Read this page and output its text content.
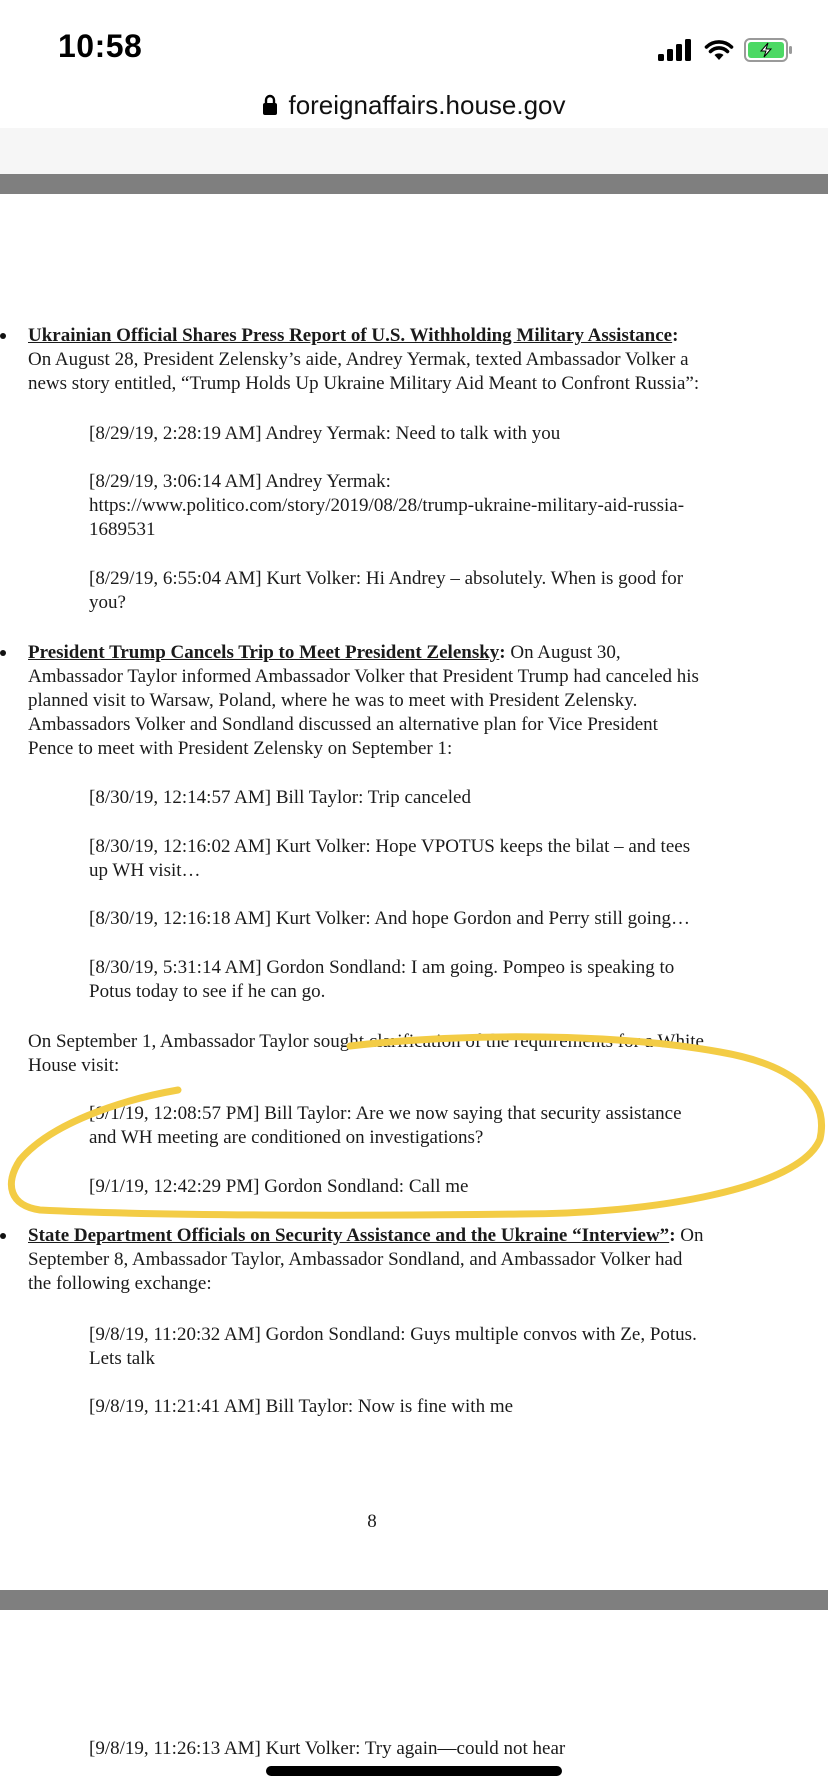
10:58
foreignaffairs.house.gov
Ukrainian Official Shares Press Report of U.S. Withholding Military Assistance:
On August 28, President Zelensky’s aide, Andrey Yermak, texted Ambassador Volker a
news story entitled, “Trump Holds Up Ukraine Military Aid Meant to Confront Russia”:
[8/29/19, 2:28:19 AM] Andrey Yermak: Need to talk with you
[8/29/19, 3:06:14 AM] Andrey Yermak:
https://www.politico.com/story/2019/08/28/trump-ukraine-military-aid-russia-
1689531
[8/29/19, 6:55:04 AM] Kurt Volker: Hi Andrey – absolutely. When is good for
you?
President Trump Cancels Trip to Meet President Zelensky: On August 30,
Ambassador Taylor informed Ambassador Volker that President Trump had canceled his
planned visit to Warsaw, Poland, where he was to meet with President Zelensky.
Ambassadors Volker and Sondland discussed an alternative plan for Vice President
Pence to meet with President Zelensky on September 1:
[8/30/19, 12:14:57 AM] Bill Taylor: Trip canceled
[8/30/19, 12:16:02 AM] Kurt Volker: Hope VPOTUS keeps the bilat – and tees
up WH visit…
[8/30/19, 12:16:18 AM] Kurt Volker: And hope Gordon and Perry still going…
[8/30/19, 5:31:14 AM] Gordon Sondland: I am going. Pompeo is speaking to
Potus today to see if he can go.
On September 1, Ambassador Taylor sought clarification of the requirements for a White
House visit:
[9/1/19, 12:08:57 PM] Bill Taylor: Are we now saying that security assistance
and WH meeting are conditioned on investigations?
[9/1/19, 12:42:29 PM] Gordon Sondland: Call me
State Department Officials on Security Assistance and the Ukraine “Interview”: On
September 8, Ambassador Taylor, Ambassador Sondland, and Ambassador Volker had
the following exchange:
[9/8/19, 11:20:32 AM] Gordon Sondland: Guys multiple convos with Ze, Potus.
Lets talk
[9/8/19, 11:21:41 AM] Bill Taylor: Now is fine with me
8
[9/8/19, 11:26:13 AM] Kurt Volker: Try again—could not hear
